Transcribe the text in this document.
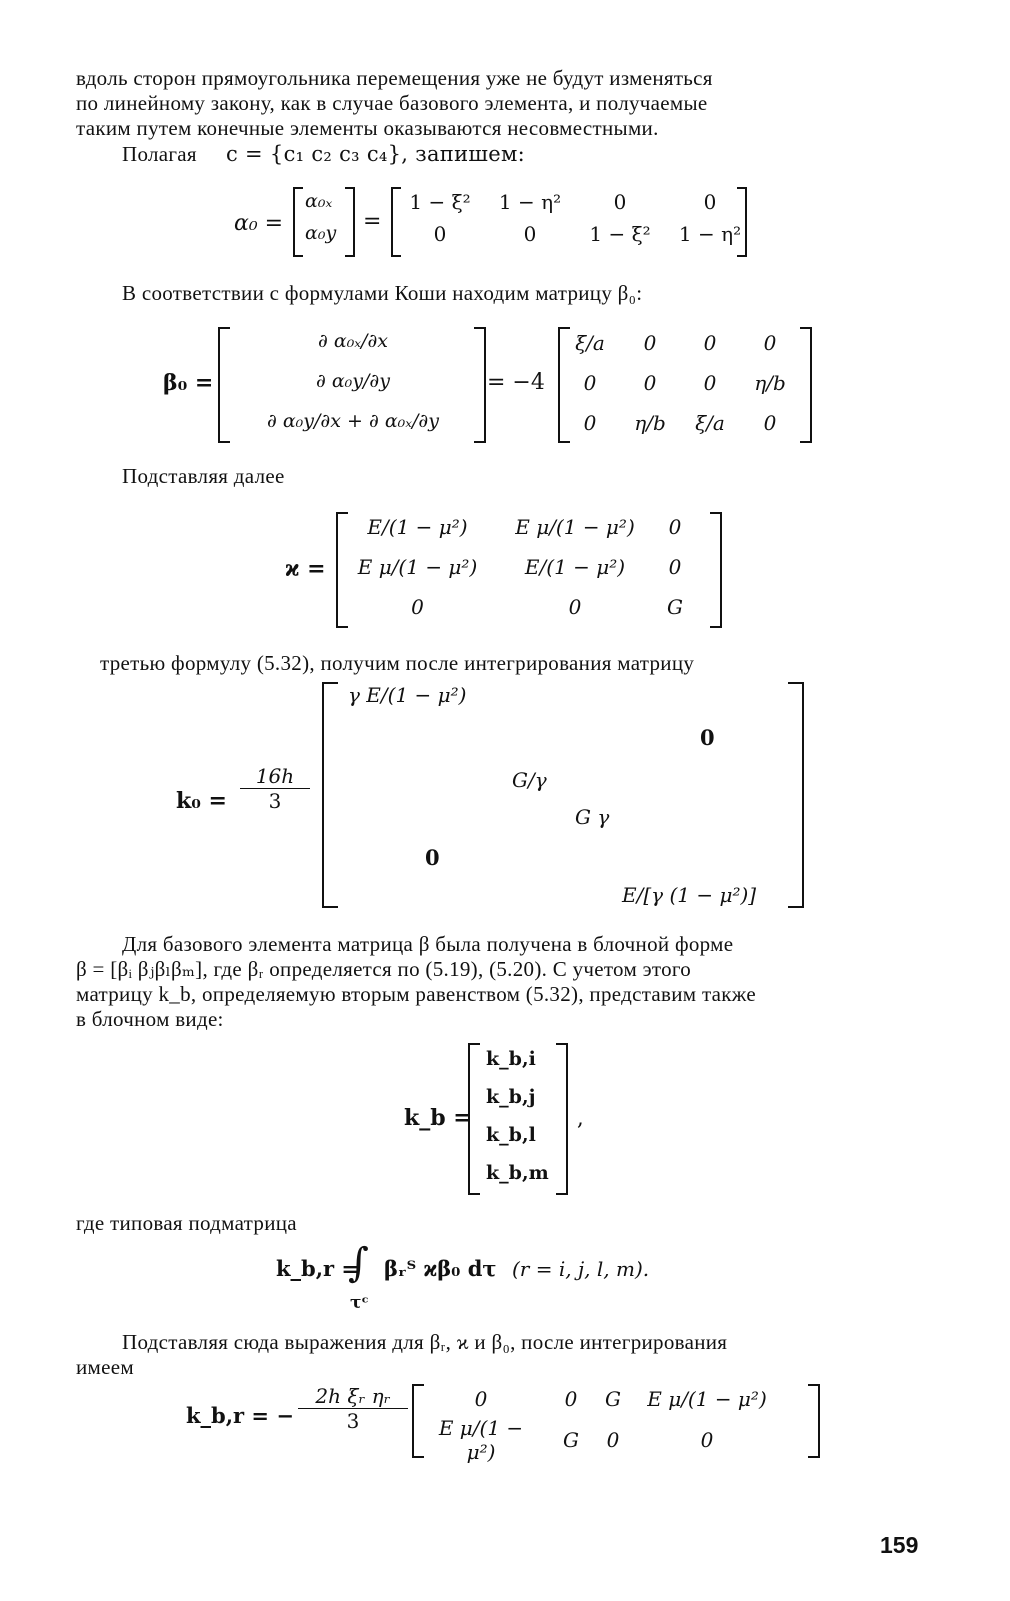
вдоль сторон прямоугольника перемещения уже не будут изменяться
по линейному закону, как в случае базового элемента, и получаемые
таким путем конечные элементы оказываются несовместными.
Полагая c = {c₁ c₂ c₃ c₄}, запишем:
α₀ =
α₀ₓ
α₀y =
1 − ξ²	1 − η²	0	0
0	0	1 − ξ²	1 − η²
В соответствии с формулами Коши находим матрицу β₀:
β₀ =
∂ α₀ₓ/∂x
∂ α₀y/∂y
∂ α₀y/∂x + ∂ α₀ₓ/∂y
= −4
ξ/a	0	0	0
0	0	0	η/b
0	η/b	ξ/a	0
Подставляя далее
ϰ =
E/(1 − μ²)	E μ/(1 − μ²)	0
E μ/(1 − μ²)	E/(1 − μ²)	0
0	0	G
третью формулу (5.32), получим после интегрирования матрицу
k₀ =
16h
3
γ E/(1 − μ²)
0
G/γ
G γ
0
E/[γ (1 − μ²)]
Для базового элемента матрица β была получена в блочной форме
β = [βᵢ βⱼβₗβₘ], где βᵣ определяется по (5.19), (5.20). С учетом этого
матрицу k_b, определяемую вторым равенством (5.32), представим также
в блочном виде:
k_b =
k_b,i
k_b,j
k_b,l
k_b,m
,
где типовая подматрица
k_b,r =
∫
τᶜ
βᵣᵀ ϰβ₀ dτ (r = i, j, l, m).
Подставляя сюда выражения для βᵣ, ϰ и β₀, после интегрирования
имеем
k_b,r = −
2h ξᵣ ηᵣ
3
0	0	G	E μ/(1 − μ²)
E μ/(1 − μ²)	G	0	0
159
